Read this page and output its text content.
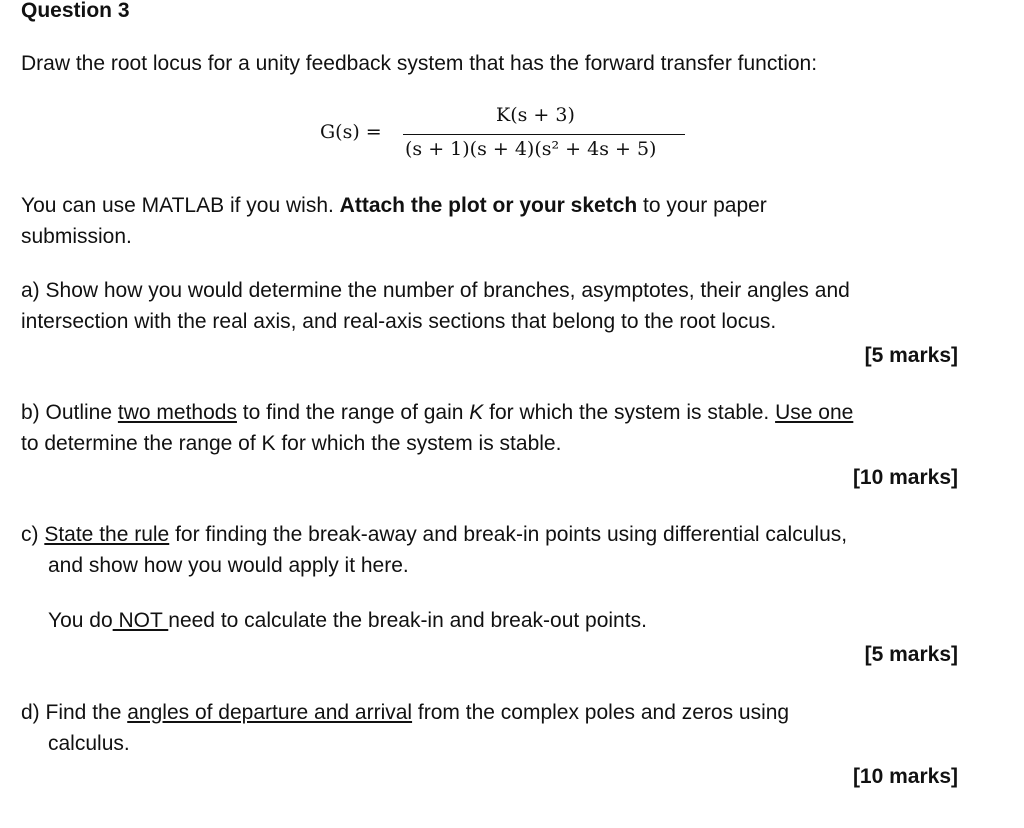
Question 3
Draw the root locus for a unity feedback system that has the forward transfer function:
G(s) =
K(s + 3)
(s + 1)(s + 4)(s² + 4s + 5)
You can use MATLAB if you wish. Attach the plot or your sketch to your paper
submission.
a) Show how you would determine the number of branches, asymptotes, their angles and
intersection with the real axis, and real-axis sections that belong to the root locus.
[5 marks]
b) Outline two methods to find the range of gain K for which the system is stable. Use one
to determine the range of K for which the system is stable.
[10 marks]
c) State the rule for finding the break-away and break-in points using differential calculus,
and show how you would apply it here.
You do NOT need to calculate the break-in and break-out points.
[5 marks]
d) Find the angles of departure and arrival from the complex poles and zeros using
calculus.
[10 marks]
